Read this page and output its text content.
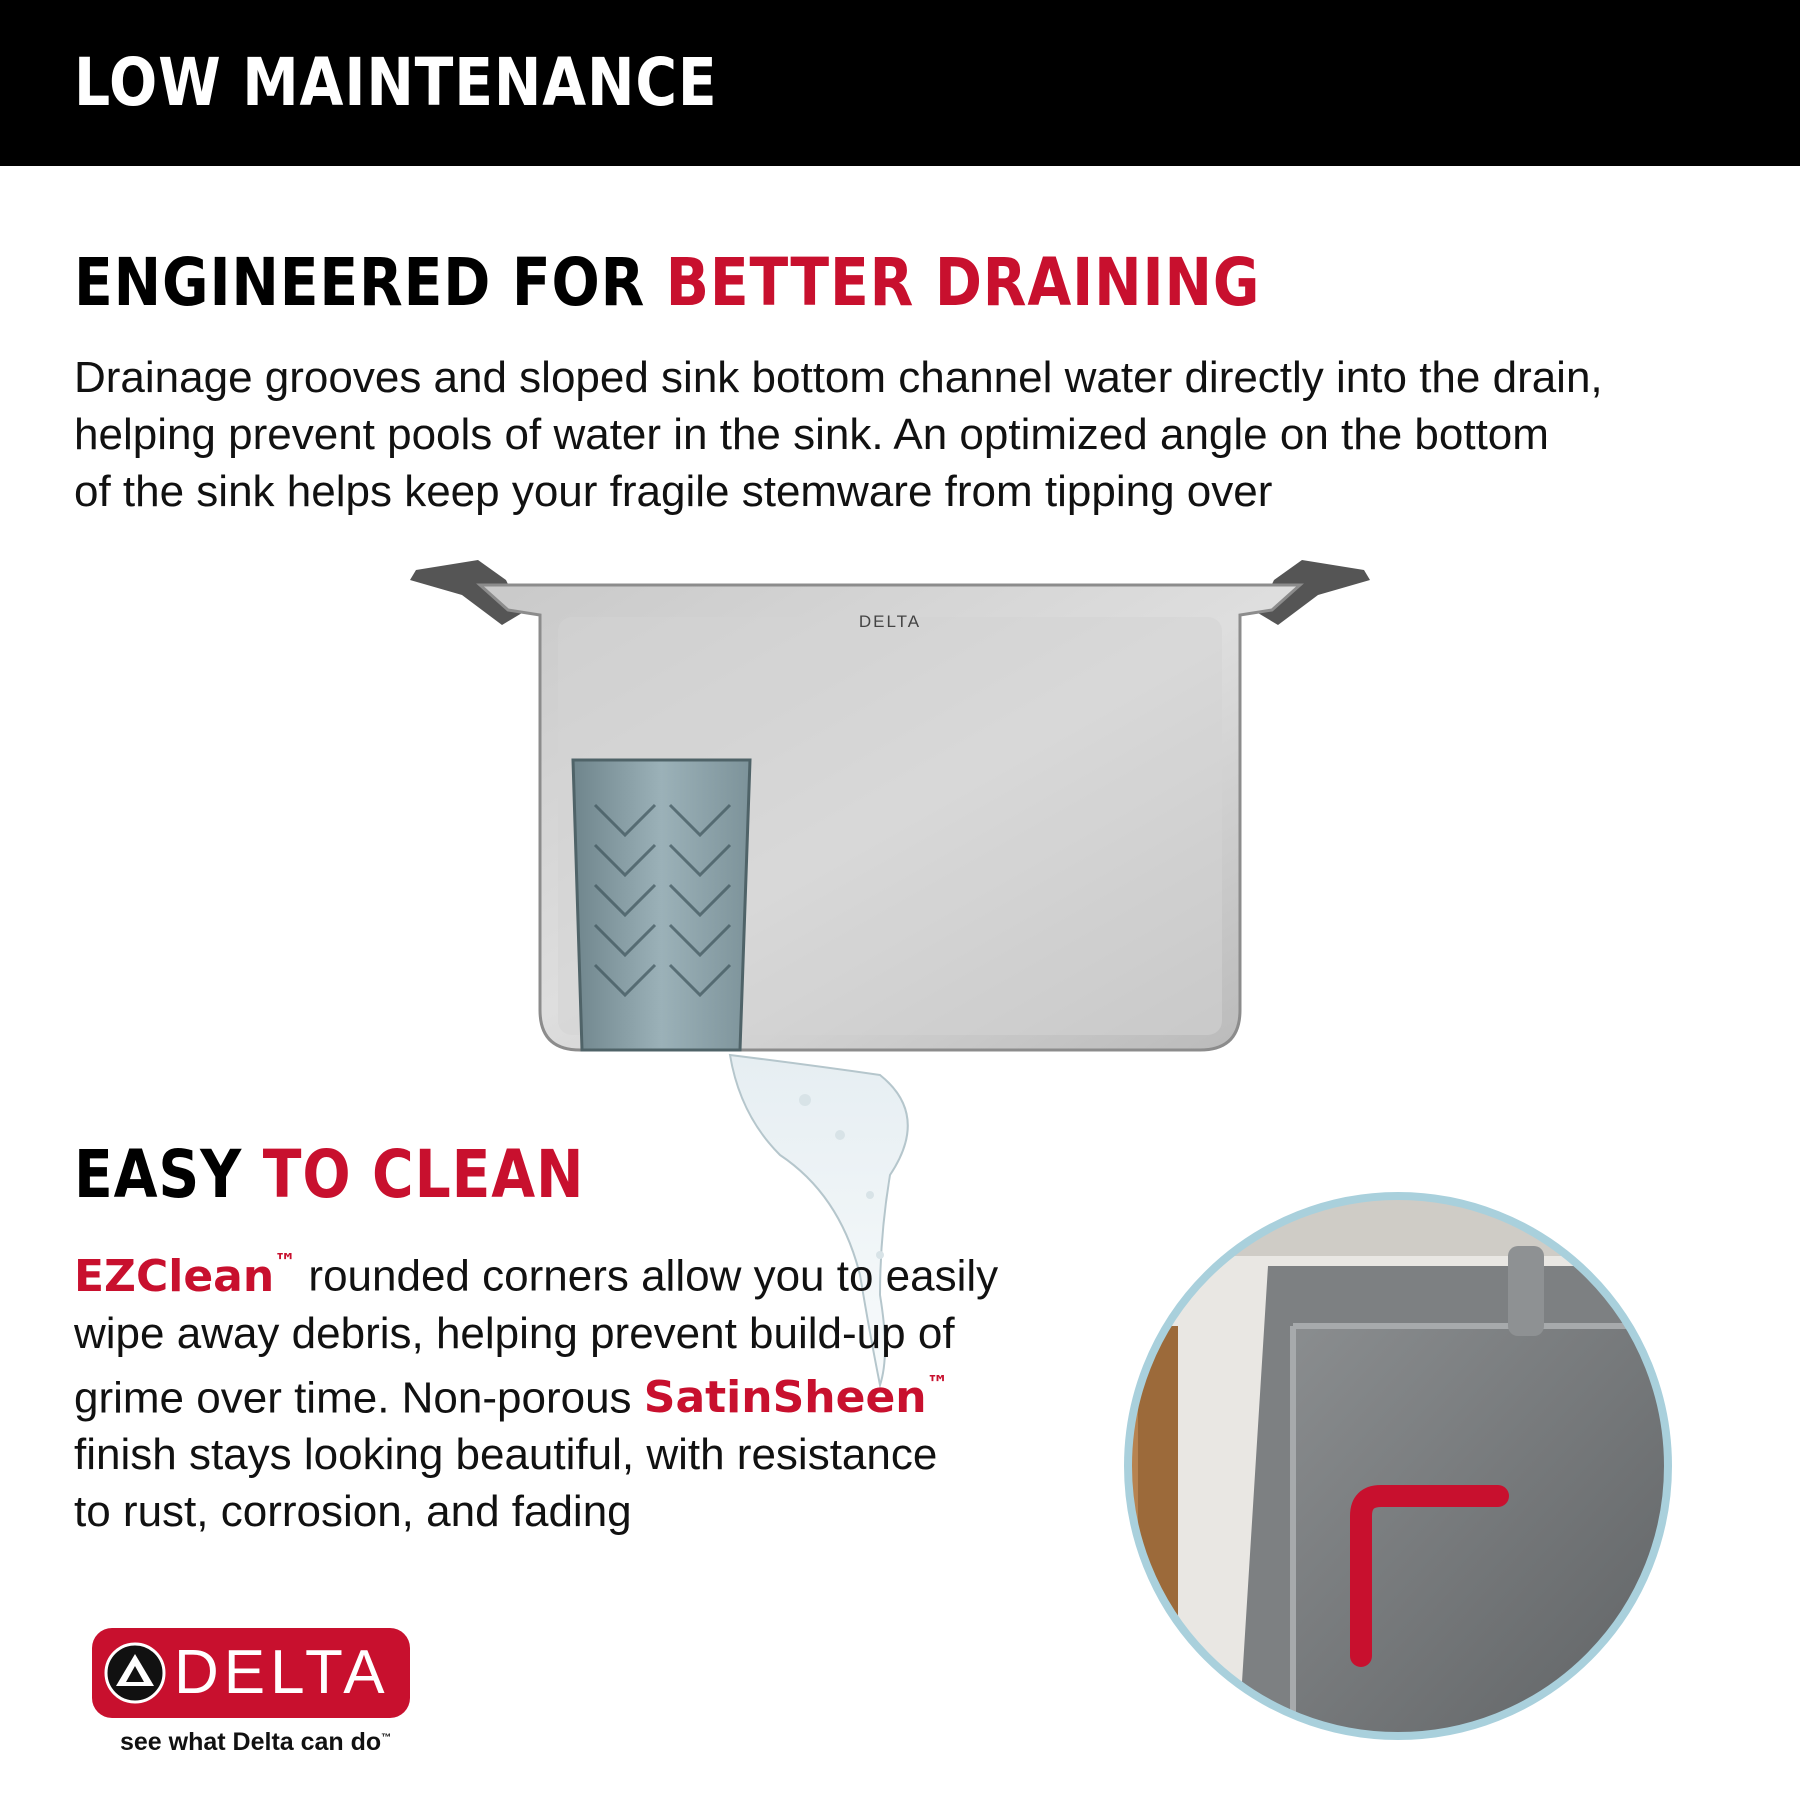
LOW MAINTENANCE
ENGINEERED FOR BETTER DRAINING
Drainage grooves and sloped sink bottom channel water directly into the drain,
helping prevent pools of water in the sink. An optimized angle on the bottom
of the sink helps keep your fragile stemware from tipping over
DELTA
EASY TO CLEAN
EZClean™ rounded corners allow you to easily
wipe away debris, helping prevent build-up of
grime over time. Non-porous SatinSheen™
finish stays looking beautiful, with resistance
to rust, corrosion, and fading
DELTA
see what Delta can do™
